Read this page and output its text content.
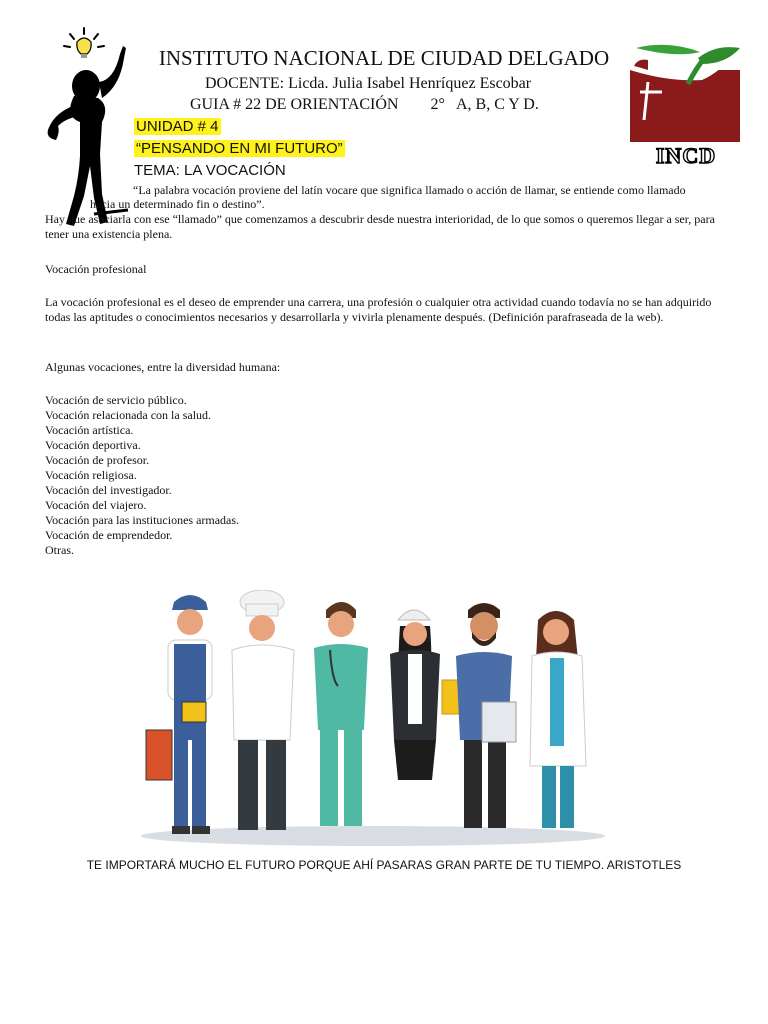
INCD
INSTITUTO NACIONAL DE CIUDAD DELGADO
DOCENTE: Licda. Julia Isabel Henríquez Escobar
GUIA # 22 DE ORIENTACIÓN        2°   A, B, C Y D.
UNIDAD # 4
“PENSANDO EN MI FUTURO”
TEMA: LA VOCACIÓN
“La palabra vocación proviene del latín vocare que significa llamado o acción de llamar, se entiende como llamado
hacia un determinado fin o destino”.
Hay que asociarla con ese “llamado” que comenzamos a descubrir desde nuestra interioridad, de lo que somos o queremos llegar a ser, para tener una existencia plena.
Vocación profesional
La vocación profesional es el deseo de emprender una carrera, una profesión o cualquier otra actividad cuando todavía no se han adquirido todas las aptitudes o conocimientos necesarios y desarrollarla y vivirla plenamente después. (Definición parafraseada de la web).
Algunas vocaciones, entre la diversidad humana:
Vocación de servicio público.
Vocación relacionada con la salud.
Vocación artística.
Vocación deportiva.
Vocación de profesor.
Vocación religiosa.
Vocación del investigador.
Vocación del viajero.
Vocación para las instituciones armadas.
Vocación de emprendedor.
Otras.
TE IMPORTARÁ MUCHO EL FUTURO PORQUE AHÍ PASARAS GRAN PARTE DE TU TIEMPO. ARISTOTLES
